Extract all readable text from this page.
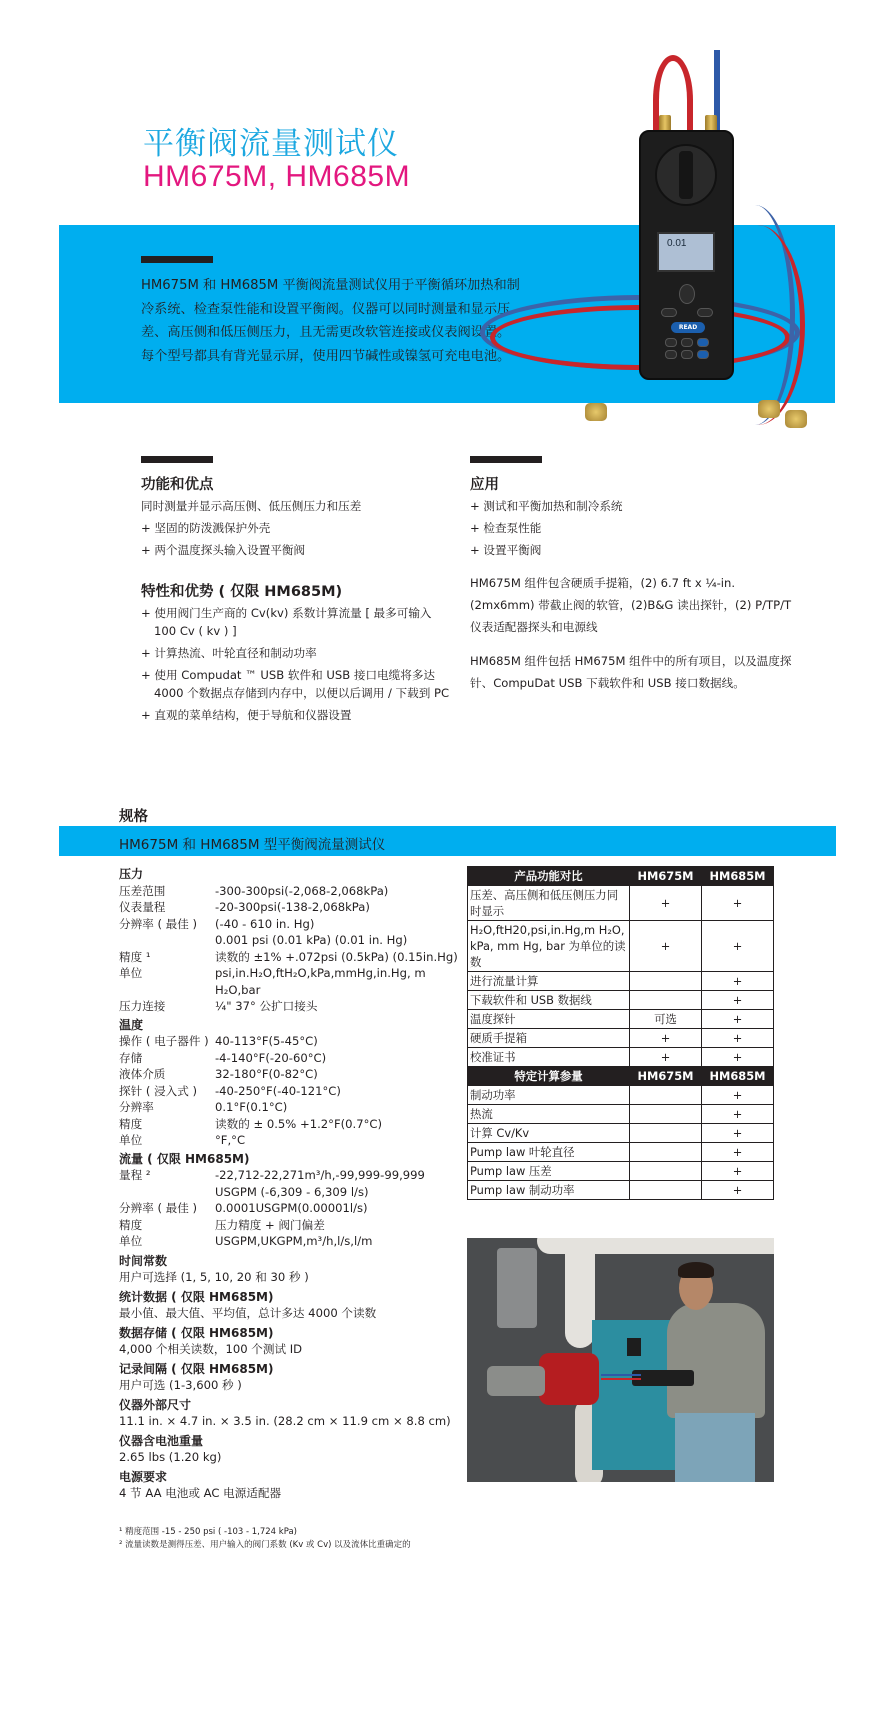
平衡阀流量测试仪
HM675M, HM685M
HM675M 和 HM685M 平衡阀流量测试仪用于平衡循环加热和制冷系统、检查泵性能和设置平衡阀。仪器可以同时测量和显示压差、高压侧和低压侧压力，且无需更改软管连接或仪表阀设置。每个型号都具有背光显示屏，使用四节碱性或镍氢可充电电池。
0.01
READ
功能和优点
同时测量并显示高压侧、低压侧压力和压差
+ 坚固的防泼溅保护外壳
+ 两个温度探头输入设置平衡阀
特性和优势 ( 仅限 HM685M)
+ 使用阀门生产商的 Cv(kv) 系数计算流量 [ 最多可输入 100 Cv ( kv ) ]
+ 计算热流、叶轮直径和制动功率
+ 使用 Compudat ™ USB 软件和 USB 接口电缆将多达 4000 个数据点存储到内存中，以便以后调用 / 下载到 PC
+ 直观的菜单结构，便于导航和仪器设置
应用
+ 测试和平衡加热和制冷系统
+ 检查泵性能
+ 设置平衡阀
HM675M 组件包含硬质手提箱，(2) 6.7 ft x ¼-in. (2mx6mm) 带截止阀的软管，(2)B&G 读出探针，(2) P/TP/T 仪表适配器探头和电源线
HM685M 组件包括 HM675M 组件中的所有项目，以及温度探针、CompuDat USB 下载软件和 USB 接口数据线。
规格
HM675M 和 HM685M 型平衡阀流量测试仪
压力
压差范围	-300-300psi(-2,068-2,068kPa)
仪表量程	-20-300psi(-138-2,068kPa)
分辨率 ( 最佳 )	(-40 - 610 in. Hg)
0.001 psi (0.01 kPa) (0.01 in. Hg)
精度 ¹	读数的 ±1% +.072psi (0.5kPa) (0.15in.Hg)
单位	psi,in.H₂O,ftH₂O,kPa,mmHg,in.Hg, m H₂O,bar
压力连接	¼" 37° 公扩口接头
温度
操作 ( 电子器件 ) 40-113°F(5-45°C)
存储	-4-140°F(-20-60°C)
液体介质	32-180°F(0-82°C)
探针 ( 浸入式 )	-40-250°F(-40-121°C)
分辨率	0.1°F(0.1°C)
精度	读数的 ± 0.5% +1.2°F(0.7°C)
单位	°F,°C
流量 ( 仅限 HM685M)
量程 ²	-22,712-22,271m³/h,-99,999-99,999 USGPM (-6,309 - 6,309 l/s)
分辨率 ( 最佳 )	0.0001USGPM(0.00001l/s)
精度	压力精度 + 阀门偏差
单位	USGPM,UKGPM,m³/h,l/s,l/m
时间常数
用户可选择 (1, 5, 10, 20 和 30 秒 )
统计数据 ( 仅限 HM685M)
最小值、最大值、平均值，总计多达 4000 个读数
数据存储 ( 仅限 HM685M)
4,000 个相关读数，100 个测试 ID
记录间隔 ( 仅限 HM685M)
用户可选 (1-3,600 秒 )
仪器外部尺寸
11.1 in. × 4.7 in. × 3.5 in. (28.2 cm × 11.9 cm × 8.8 cm)
仪器含电池重量
2.65 lbs (1.20 kg)
电源要求
4 节 AA 电池或 AC 电源适配器
¹ 精度范围 -15 - 250 psi ( -103 - 1,724 kPa)
² 流量读数是测得压差、用户输入的阀门系数 (Kv 或 Cv) 以及流体比重确定的
产品功能对比	HM675M	HM685M
压差、高压侧和低压侧压力同时显示	+	+
H₂O,ftH20,psi,in.Hg,m H₂O, kPa, mm Hg, bar 为单位的读数	+	+
进行流量计算		+
下载软件和 USB 数据线		+
温度探针	可选	+
硬质手提箱	+	+
校准证书	+	+
特定计算参量	HM675M	HM685M
制动功率		+
热流		+
计算 Cv/Kv		+
Pump law 叶轮直径		+
Pump law 压差		+
Pump law 制动功率		+
